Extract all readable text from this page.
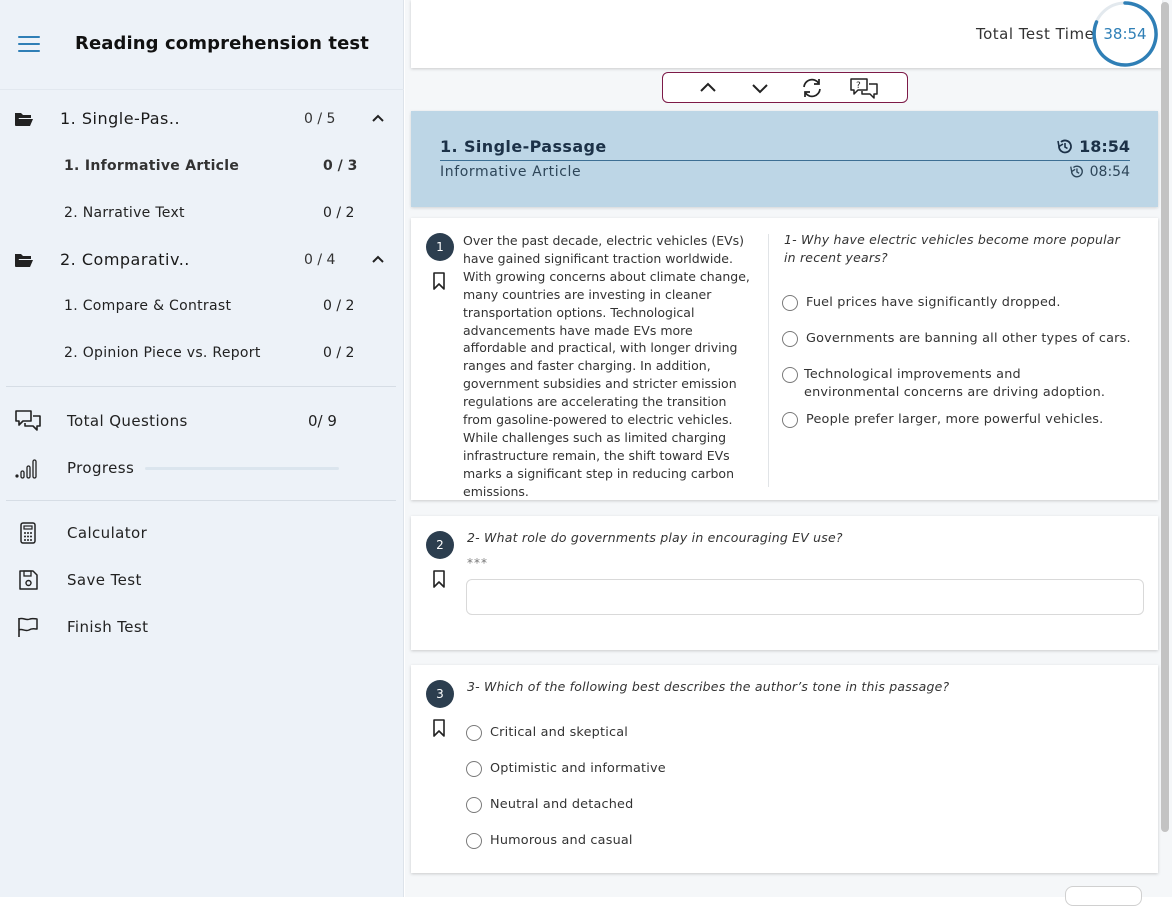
Reading comprehension test
1. Single-Pas..	0 / 5
1. Informative Article	0 / 3
2. Narrative Text	0 / 2
2. Comparativ..	0 / 4
1. Compare & Contrast	0 / 2
2. Opinion Piece vs. Report	0 / 2
Total Questions	0/ 9
Progress
Calculator
Save Test
Finish Test
Total Test Time 38:54
?
1. Single-Passage	18:54
Informative Article	08:54
1	Over the past decade, electric vehicles (EVs) have gained significant traction worldwide. With growing concerns about climate change, many countries are investing in cleaner transportation options. Technological advancements have made EVs more affordable and practical, with longer driving ranges and faster charging. In addition, government subsidies and stricter emission regulations are accelerating the transition from gasoline-powered to electric vehicles. While challenges such as limited charging infrastructure remain, the shift toward EVs marks a significant step in reducing carbon emissions.
1- Why have electric vehicles become more popular in recent years?
Fuel prices have significantly dropped.
Governments are banning all other types of cars.
Technological improvements and environmental concerns are driving adoption.
People prefer larger, more powerful vehicles.
2	2- What role do governments play in encouraging EV use?
***
3	3- Which of the following best describes the author’s tone in this passage?
Critical and skeptical
Optimistic and informative
Neutral and detached
Humorous and casual
